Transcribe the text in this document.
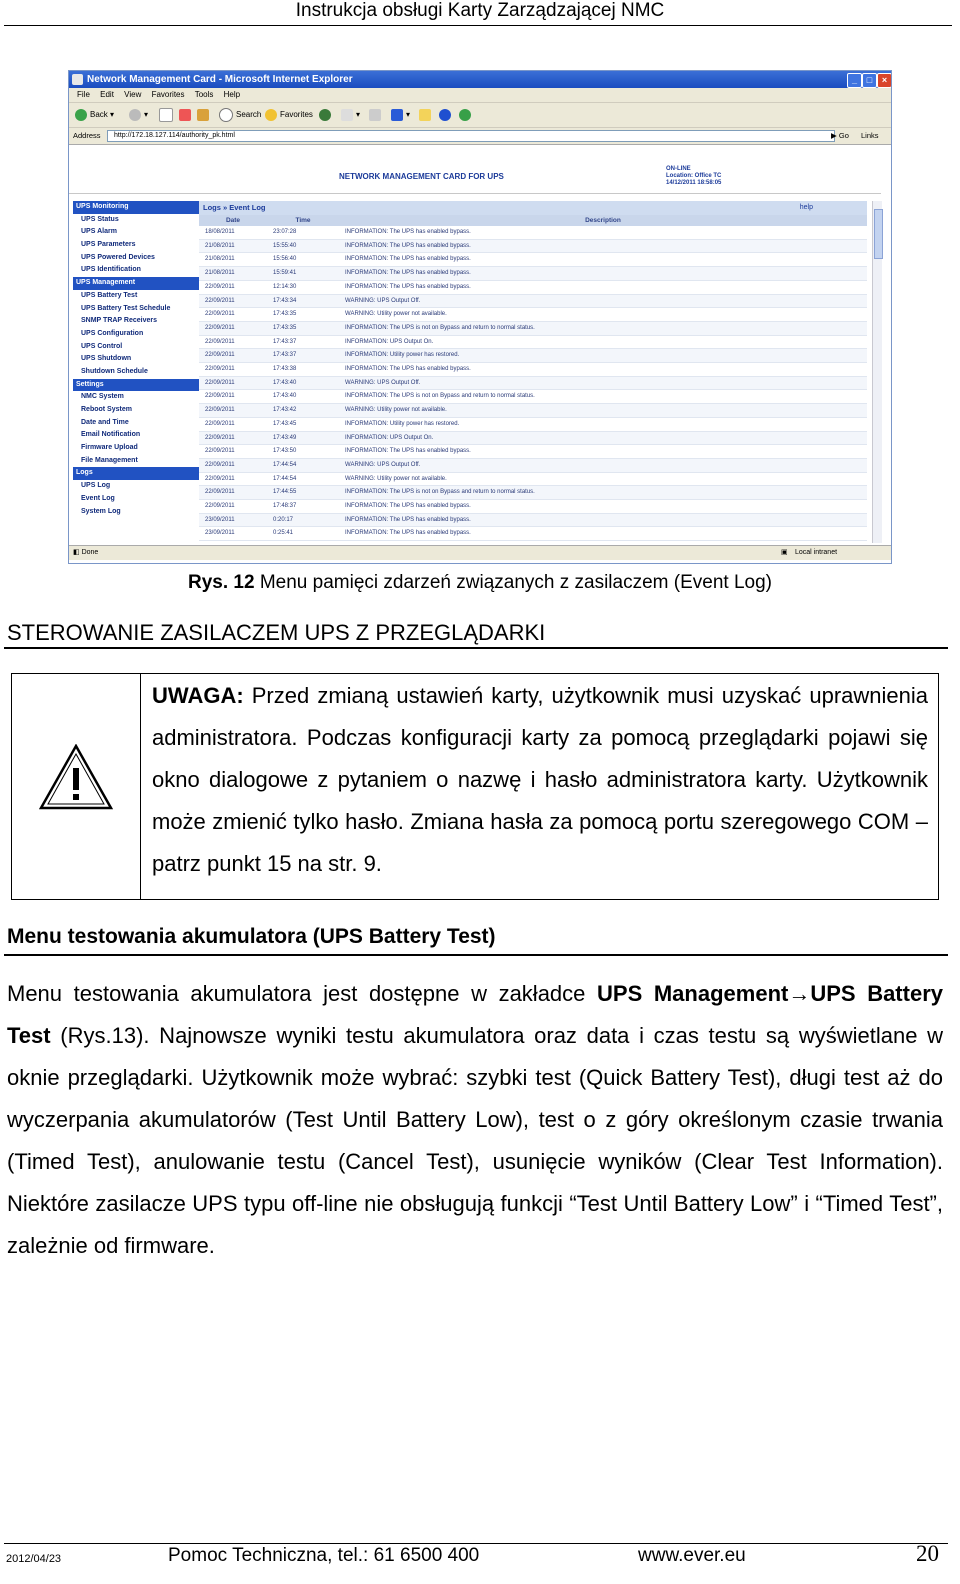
Instrukcja obsługi Karty Zarządzającej NMC
Network Management Card - Microsoft Internet Explorer	_	□	×
File Edit View Favorites Tools Help
Back ▾	▾	Search	Favorites	▾	▾
Address	http://172.18.127.114/authority_pk.html	▶ Go Links
NETWORK MANAGEMENT CARD FOR UPS
ON-LINE
Location: Office TC
14/12/2011 18:58:05
UPS Monitoring
UPS Status
UPS Alarm
UPS Parameters
UPS Powered Devices
UPS Identification
UPS Management
UPS Battery Test
UPS Battery Test Schedule
SNMP TRAP Receivers
UPS Configuration
UPS Control
UPS Shutdown
Shutdown Schedule
Settings
NMC System
Reboot System
Date and Time
Email Notification
Firmware Upload
File Management
Logs
UPS Log
Event Log
System Log
Logs » Event Log	help
Date	Time	Description
18/08/2011	23:07:28	INFORMATION: The UPS has enabled bypass.
21/08/2011	15:55:40	INFORMATION: The UPS has enabled bypass.
21/08/2011	15:56:40	INFORMATION: The UPS has enabled bypass.
21/08/2011	15:59:41	INFORMATION: The UPS has enabled bypass.
22/09/2011	12:14:30	INFORMATION: The UPS has enabled bypass.
22/09/2011	17:43:34	WARNING: UPS Output Off.
22/09/2011	17:43:35	WARNING: Utility power not available.
22/09/2011	17:43:35	INFORMATION: The UPS is not on Bypass and return to normal status.
22/09/2011	17:43:37	INFORMATION: UPS Output On.
22/09/2011	17:43:37	INFORMATION: Utility power has restored.
22/09/2011	17:43:38	INFORMATION: The UPS has enabled bypass.
22/09/2011	17:43:40	WARNING: UPS Output Off.
22/09/2011	17:43:40	INFORMATION: The UPS is not on Bypass and return to normal status.
22/09/2011	17:43:42	WARNING: Utility power not available.
22/09/2011	17:43:45	INFORMATION: Utility power has restored.
22/09/2011	17:43:49	INFORMATION: UPS Output On.
22/09/2011	17:43:50	INFORMATION: The UPS has enabled bypass.
22/09/2011	17:44:54	WARNING: UPS Output Off.
22/09/2011	17:44:54	WARNING: Utility power not available.
22/09/2011	17:44:55	INFORMATION: The UPS is not on Bypass and return to normal status.
22/09/2011	17:48:37	INFORMATION: The UPS has enabled bypass.
23/09/2011	0:20:17	INFORMATION: The UPS has enabled bypass.
23/09/2011	0:25:41	INFORMATION: The UPS has enabled bypass.
◧ Done	▣ Local intranet
Rys. 12 Menu pamięci zdarzeń związanych z zasilaczem (Event Log)
STEROWANIE ZASILACZEM UPS Z PRZEGLĄDARKI
UWAGA: Przed zmianą ustawień karty, użytkownik musi uzyskać uprawnienia administratora. Podczas konfiguracji karty za pomocą przeglądarki pojawi się okno dialogowe z pytaniem o nazwę i hasło administratora karty. Użytkownik może zmienić tylko hasło. Zmiana hasła za pomocą portu szeregowego COM – patrz punkt 15 na str. 9.
Menu testowania akumulatora (UPS Battery Test)
Menu testowania akumulatora jest dostępne w zakładce UPS Management→UPS Battery Test (Rys.13). Najnowsze wyniki testu akumulatora oraz data i czas testu są wyświetlane w oknie przeglądarki. Użytkownik może wybrać: szybki test (Quick Battery Test), długi test aż do wyczerpania akumulatorów (Test Until Battery Low), test o z góry określonym czasie trwania (Timed Test), anulowanie testu (Cancel Test), usunięcie wyników (Clear Test Information). Niektóre zasilacze UPS typu off-line nie obsługują funkcji “Test Until Battery Low” i “Timed Test”, zależnie od firmware.
2012/04/23	Pomoc Techniczna, tel.: 61 6500 400	www.ever.eu	20
